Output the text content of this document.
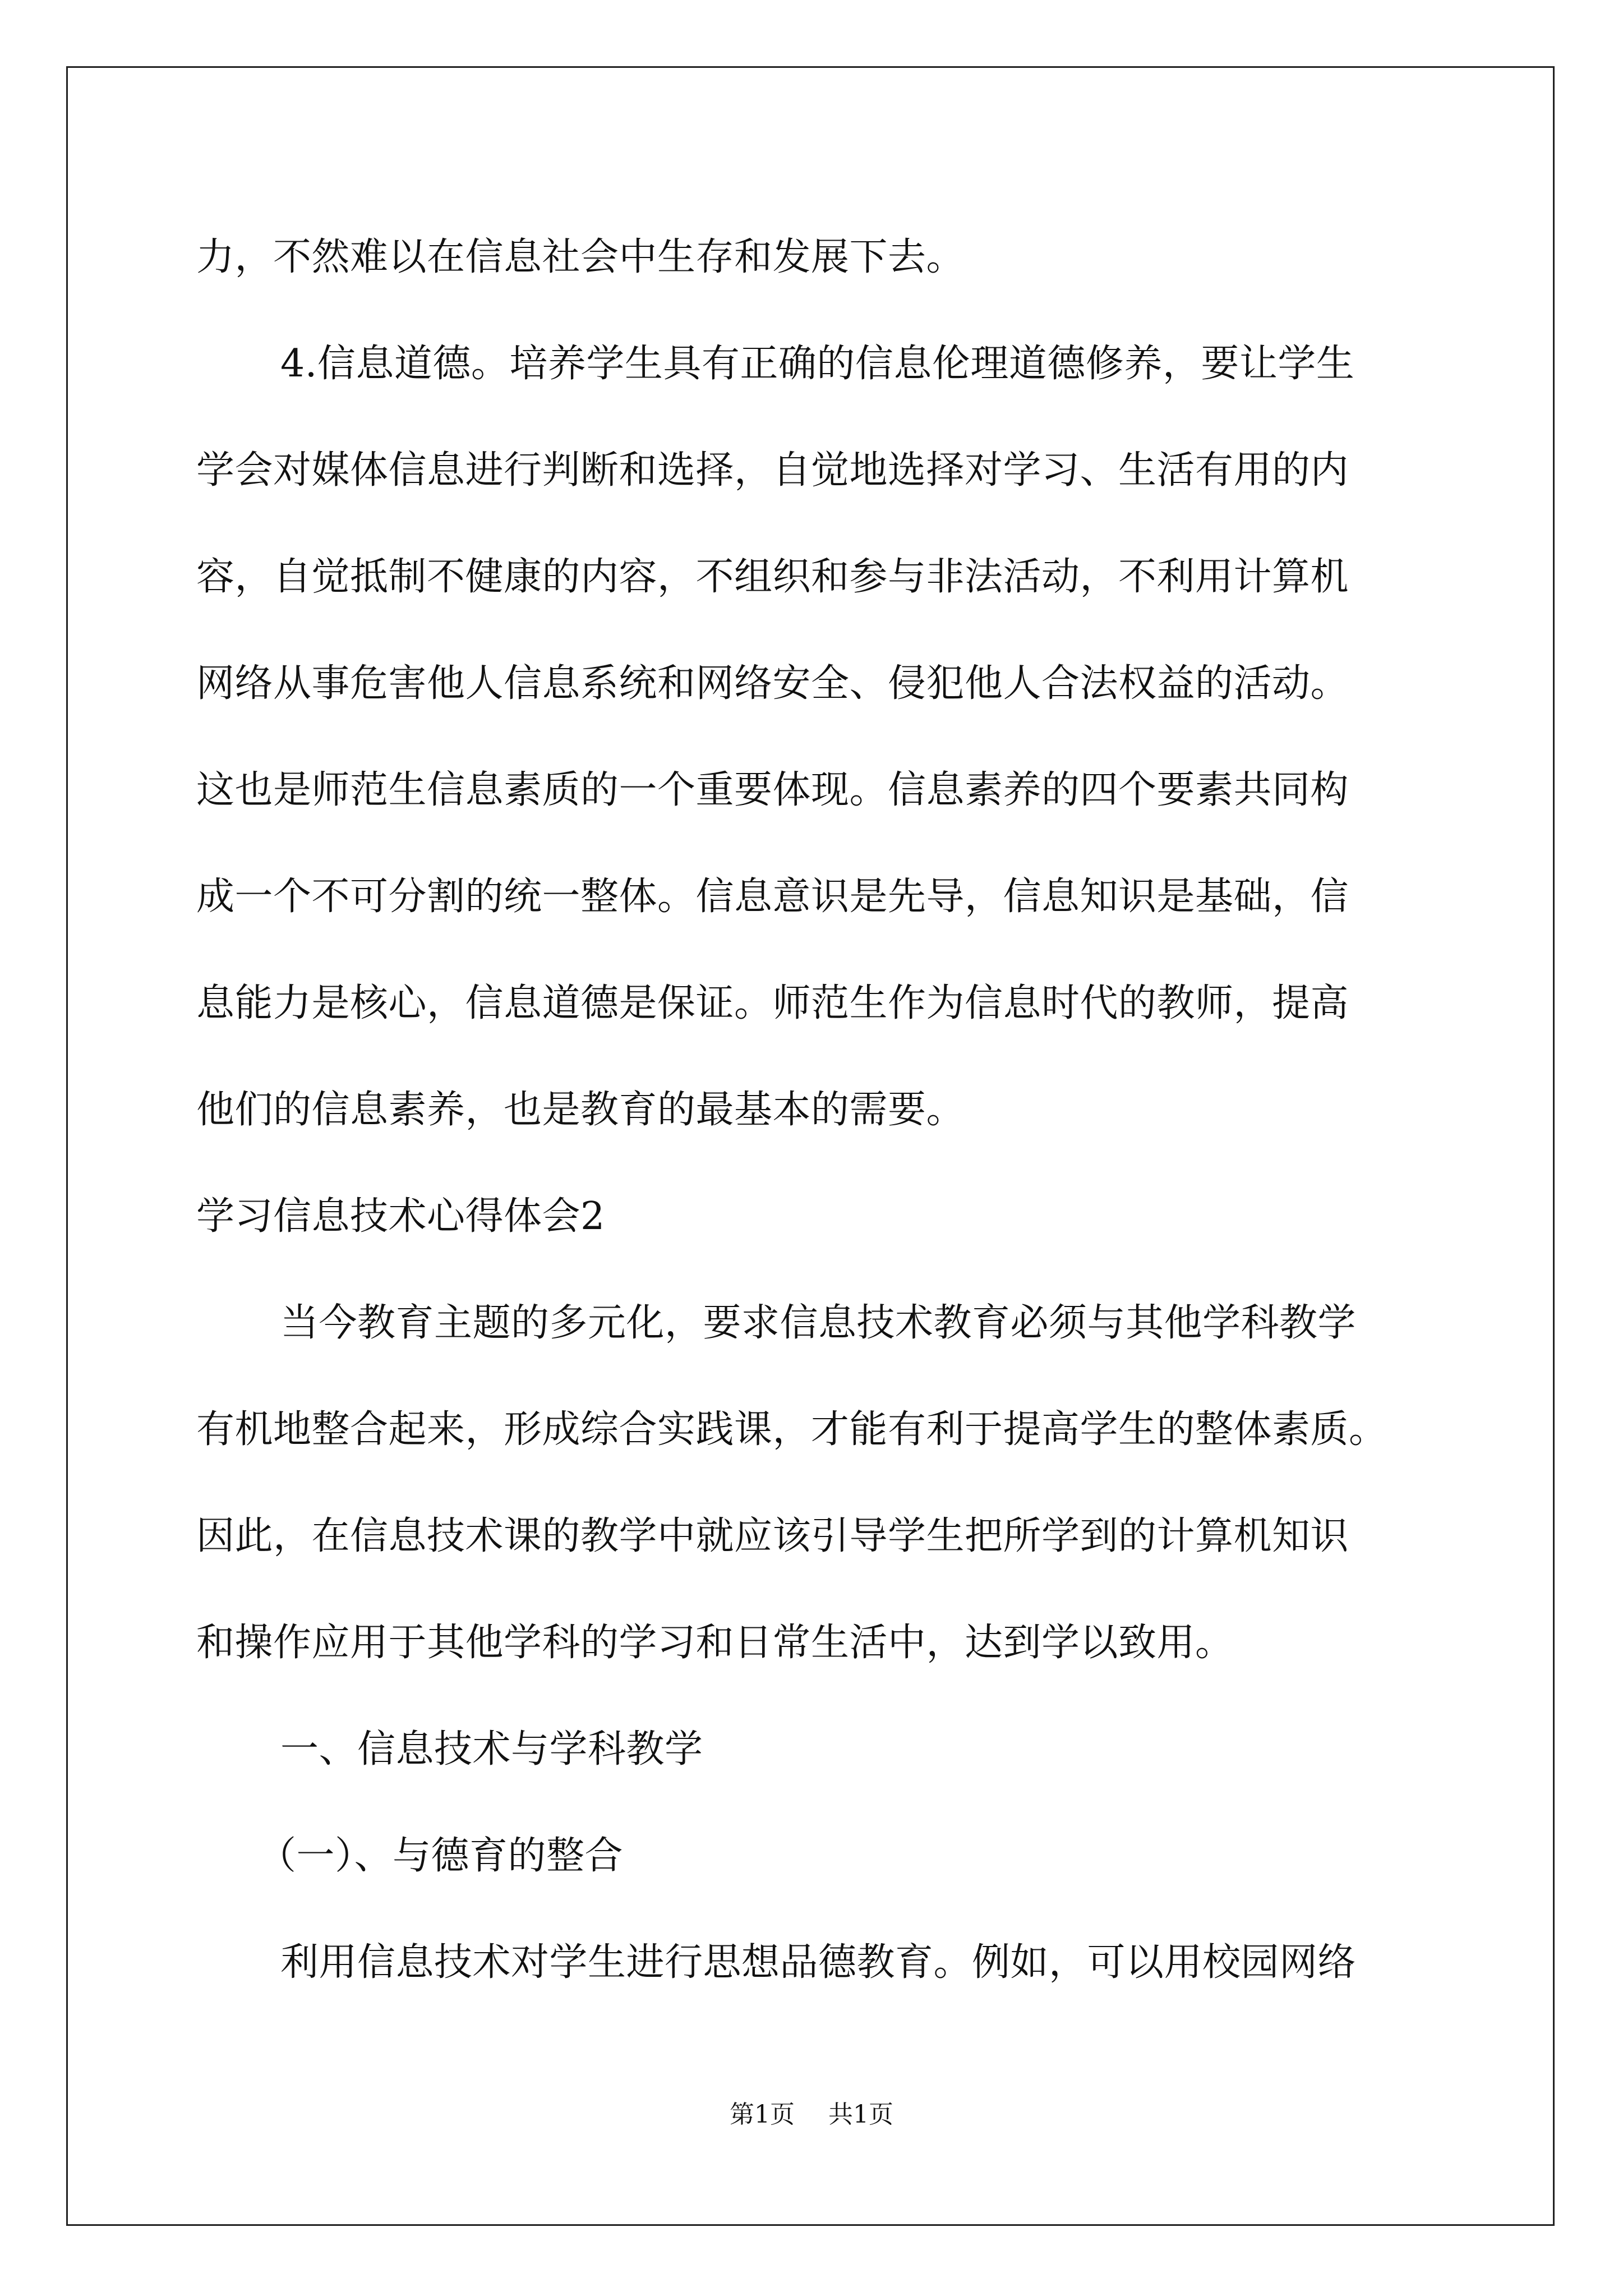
力，不然难以在信息社会中生存和发展下去。
4.信息道德。培养学生具有正确的信息伦理道德修养，要让学生
学会对媒体信息进行判断和选择，自觉地选择对学习、生活有用的内
容，自觉抵制不健康的内容，不组织和参与非法活动，不利用计算机
网络从事危害他人信息系统和网络安全、侵犯他人合法权益的活动。
这也是师范生信息素质的一个重要体现。信息素养的四个要素共同构
成一个不可分割的统一整体。信息意识是先导，信息知识是基础，信
息能力是核心，信息道德是保证。师范生作为信息时代的教师，提高
他们的信息素养，也是教育的最基本的需要。
学习信息技术心得体会2
当今教育主题的多元化，要求信息技术教育必须与其他学科教学
有机地整合起来，形成综合实践课，才能有利于提高学生的整体素质。
因此，在信息技术课的教学中就应该引导学生把所学到的计算机知识
和操作应用于其他学科的学习和日常生活中，达到学以致用。
一、信息技术与学科教学
（一）、与德育的整合
利用信息技术对学生进行思想品德教育。例如，可以用校园网络
第1页 共1页
